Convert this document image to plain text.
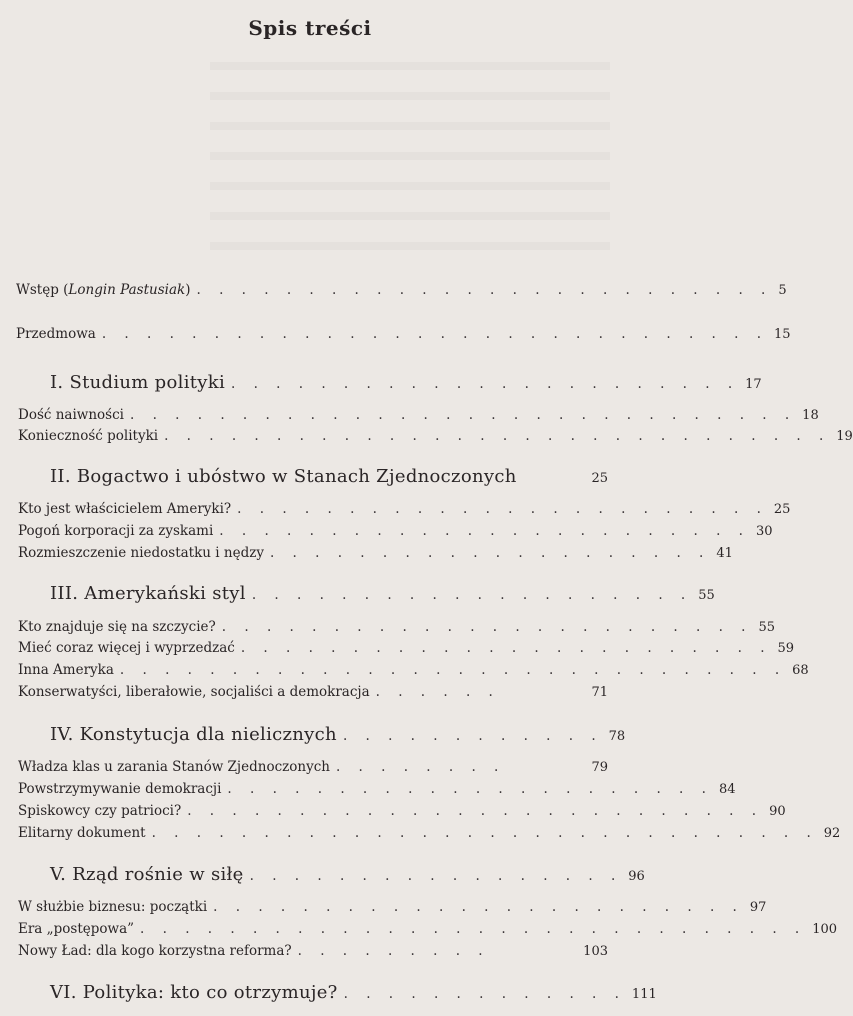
Spis treści
Wstęp (Longin Pastusiak) . . . . . . . . . . . . . . . . . . . . . . . . . . 5
Przedmowa . . . . . . . . . . . . . . . . . . . . . . . . . . . . . . 15
I. Studium polityki . . . . . . . . . . . . . . . . . . . . . . . 17
Dość naiwności . . . . . . . . . . . . . . . . . . . . . . . . . . . . . . 18
Konieczność polityki . . . . . . . . . . . . . . . . . . . . . . . . . . . . . . 19
II. Bogactwo i ubóstwo w Stanach Zjednoczonych	25
Kto jest właścicielem Ameryki? . . . . . . . . . . . . . . . . . . . . . . . . 25
Pogoń korporacji za zyskami . . . . . . . . . . . . . . . . . . . . . . . . 30
Rozmieszczenie niedostatku i nędzy . . . . . . . . . . . . . . . . . . . . 41
III. Amerykański styl . . . . . . . . . . . . . . . . . . . . 55
Kto znajduje się na szczycie? . . . . . . . . . . . . . . . . . . . . . . . . 55
Mieć coraz więcej i wyprzedzać . . . . . . . . . . . . . . . . . . . . . . . . 59
Inna Ameryka . . . . . . . . . . . . . . . . . . . . . . . . . . . . . . 68
Konserwatyści, liberałowie, socjaliści a demokracja . . . . . .	71
IV. Konstytucja dla nielicznych . . . . . . . . . . . . 78
Władza klas u zarania Stanów Zjednoczonych . . . . . . . .	79
Powstrzymywanie demokracji . . . . . . . . . . . . . . . . . . . . . . 84
Spiskowcy czy patrioci? . . . . . . . . . . . . . . . . . . . . . . . . . . 90
Elitarny dokument . . . . . . . . . . . . . . . . . . . . . . . . . . . . . . 92
V. Rząd rośnie w siłę . . . . . . . . . . . . . . . . . 96
W służbie biznesu: początki . . . . . . . . . . . . . . . . . . . . . . . . 97
Era „postępowa” . . . . . . . . . . . . . . . . . . . . . . . . . . . . . . 100
Nowy Ład: dla kogo korzystna reforma? . . . . . . . . .	103
VI. Polityka: kto co otrzymuje? . . . . . . . . . . . . . 111
